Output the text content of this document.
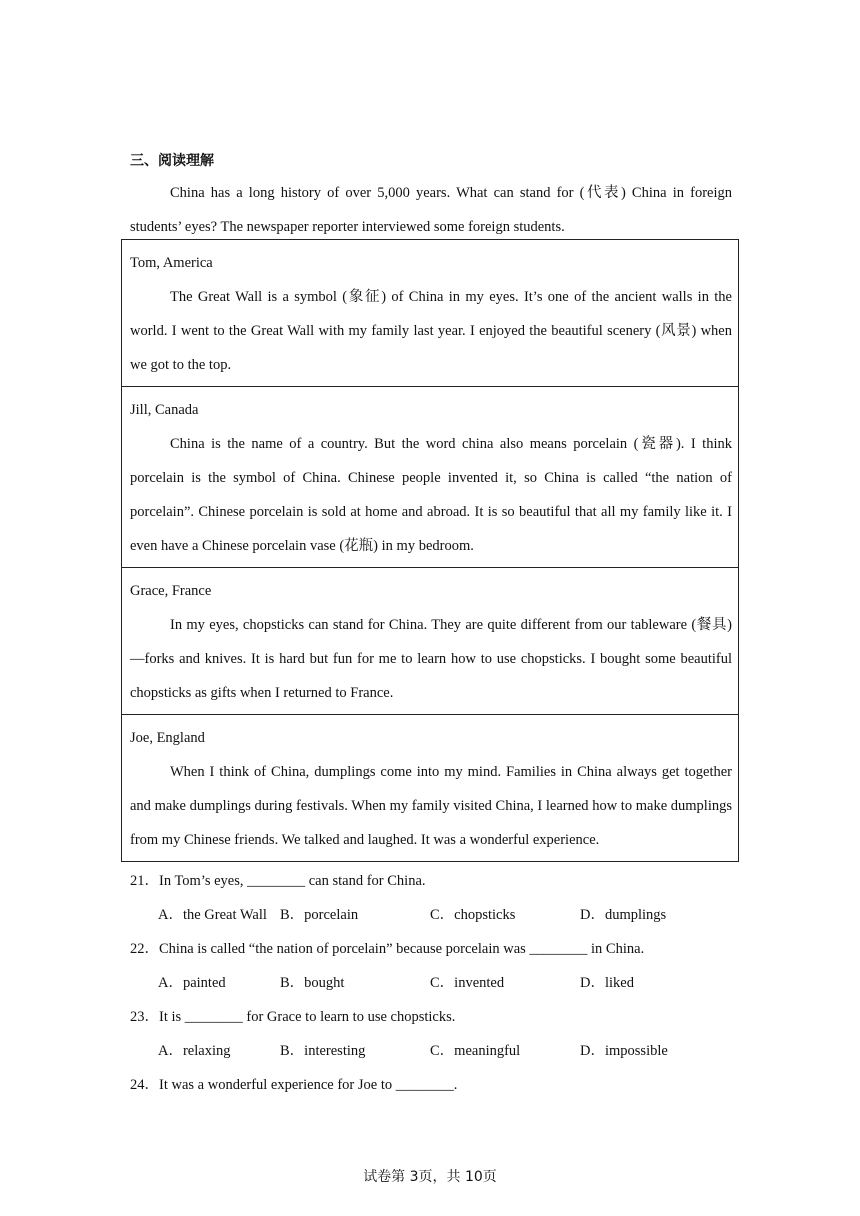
三、阅读理解

China has a long history of over 5,000 years. What can stand for (代表) China in foreign students’ eyes? The newspaper reporter interviewed some foreign students.

Tom, America

The Great Wall is a symbol (象征) of China in my eyes. It’s one of the ancient walls in the world. I went to the Great Wall with my family last year. I enjoyed the beautiful scenery (风景) when we got to the top.

Jill, Canada

China is the name of a country. But the word china also means porcelain (瓷器). I think porcelain is the symbol of China. Chinese people invented it, so China is called “the nation of porcelain”. Chinese porcelain is sold at home and abroad. It is so beautiful that all my family like it. I even have a Chinese porcelain vase (花瓶) in my bedroom.

Grace, France

In my eyes, chopsticks can stand for China. They are quite different from our tableware (餐具)—forks and knives. It is hard but fun for me to learn how to use chopsticks. I bought some beautiful chopsticks as gifts when I returned to France.

Joe, England

When I think of China, dumplings come into my mind. Families in China always get together and make dumplings during festivals. When my family visited China, I learned how to make dumplings from my Chinese friends. We talked and laughed. It was a wonderful experience.

21．In Tom’s eyes, ________ can stand for China.
A．the Great Wall B．porcelain	C．chopsticks	D．dumplings
22．China is called “the nation of porcelain” because porcelain was ________ in China.
A．painted	B．bought	C．invented	D．liked
23．It is ________ for Grace to learn to use chopsticks.
A．relaxing	B．interesting	C．meaningful	D．impossible
24．It was a wonderful experience for Joe to ________.
试卷第 3页，共 10页
